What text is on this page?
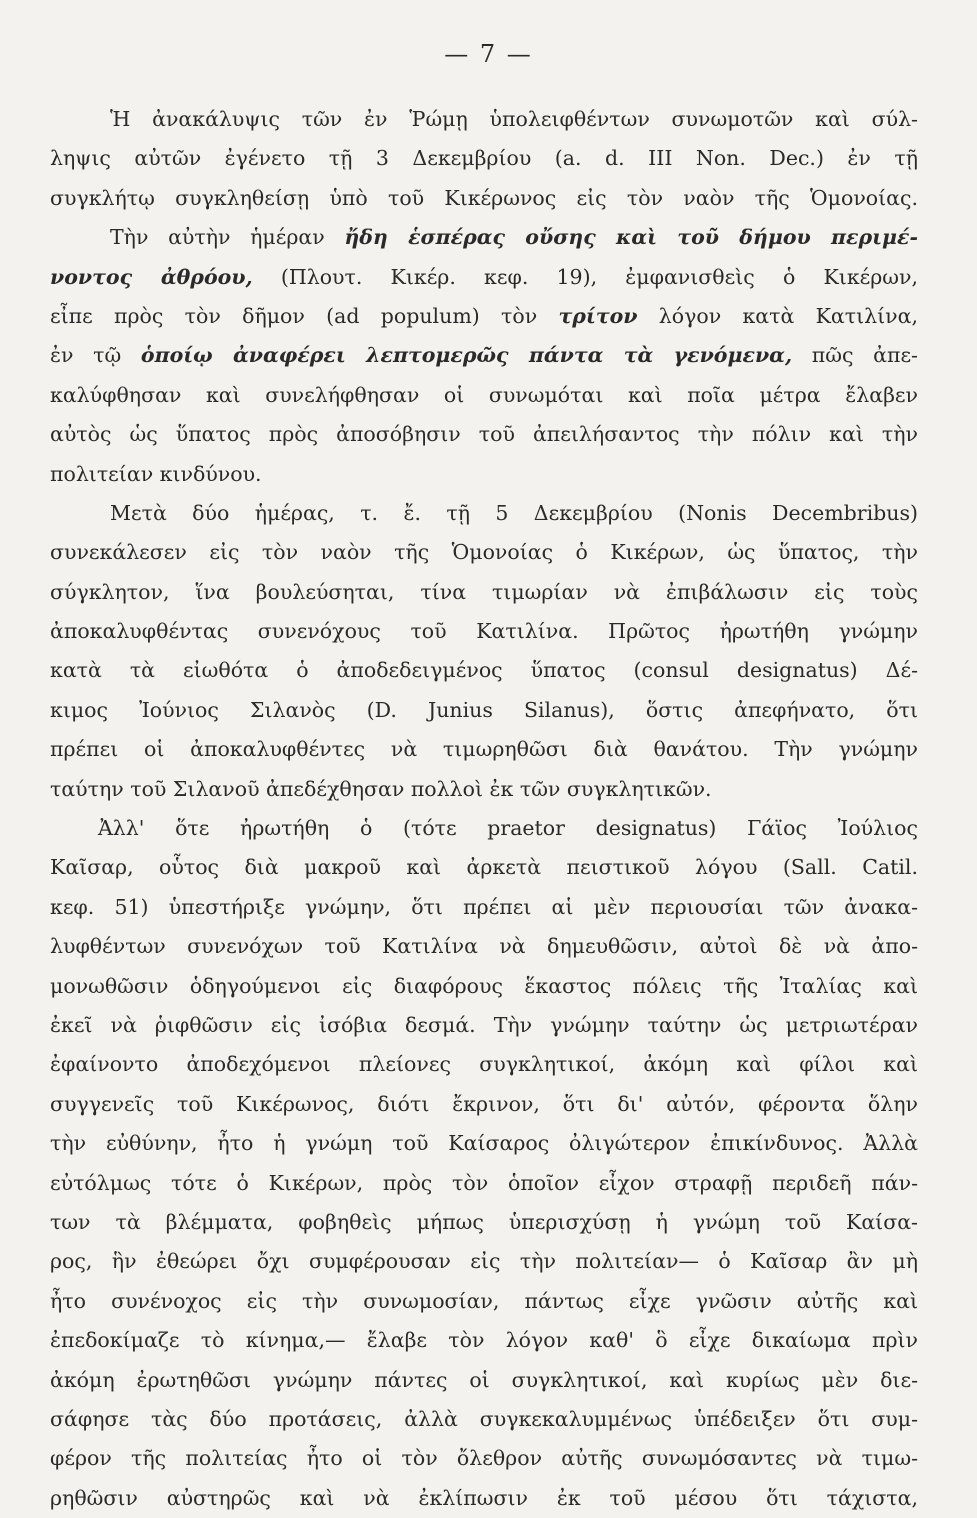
— 7 —
Ἡ ἀνακάλυψις τῶν ἐν Ῥώμῃ ὑπολειφθέντων συνωμοτῶν καὶ σύλ-
ληψις αὐτῶν ἐγένετο τῇ 3 Δεκεμβρίου (a. d. III Non. Dec.) ἐν τῇ
συγκλήτῳ συγκληθείσῃ ὑπὸ τοῦ Κικέρωνος εἰς τὸν ναὸν τῆς Ὁμονοίας.
Τὴν αὐτὴν ἡμέραν ἤδη ἑσπέρας οὔσης καὶ τοῦ δήμου περιμέ-
νοντος ἀθρόου, (Πλουτ. Κικέρ. κεφ. 19), ἐμφανισθεὶς ὁ Κικέρων,
εἶπε πρὸς τὸν δῆμον (ad populum) τὸν τρίτον λόγον κατὰ Κατιλίνα,
ἐν τῷ ὁποίῳ ἀναφέρει λεπτομερῶς πάντα τὰ γενόμενα, πῶς ἀπε-
καλύφθησαν καὶ συνελήφθησαν οἱ συνωμόται καὶ ποῖα μέτρα ἔλαβεν
αὐτὸς ὡς ὕπατος πρὸς ἀποσόβησιν τοῦ ἀπειλήσαντος τὴν πόλιν καὶ τὴν
πολιτείαν κινδύνου.
Μετὰ δύο ἡμέρας, τ. ἔ. τῇ 5 Δεκεμβρίου (Nonis Decembribus)
συνεκάλεσεν εἰς τὸν ναὸν τῆς Ὁμονοίας ὁ Κικέρων, ὡς ὕπατος, τὴν
σύγκλητον, ἵνα βουλεύσηται, τίνα τιμωρίαν νὰ ἐπιβάλωσιν εἰς τοὺς
ἀποκαλυφθέντας συνενόχους τοῦ Κατιλίνα. Πρῶτος ἠρωτήθη γνώμην
κατὰ τὰ εἰωθότα ὁ ἀποδεδειγμένος ὕπατος (consul designatus) Δέ-
κιμος Ἰούνιος Σιλανὸς (D. Junius Silanus), ὅστις ἀπεφήνατο, ὅτι
πρέπει οἱ ἀποκαλυφθέντες νὰ τιμωρηθῶσι διὰ θανάτου. Τὴν γνώμην
ταύτην τοῦ Σιλανοῦ ἀπεδέχθησαν πολλοὶ ἐκ τῶν συγκλητικῶν.
Ἀλλ' ὅτε ἠρωτήθη ὁ (τότε praetor designatus) Γάϊος Ἰούλιος
Καῖσαρ, οὗτος διὰ μακροῦ καὶ ἀρκετὰ πειστικοῦ λόγου (Sall. Catil.
κεφ. 51) ὑπεστήριξε γνώμην, ὅτι πρέπει αἱ μὲν περιουσίαι τῶν ἀνακα-
λυφθέντων συνενόχων τοῦ Κατιλίνα νὰ δημευθῶσιν, αὐτοὶ δὲ νὰ ἀπο-
μονωθῶσιν ὁδηγούμενοι εἰς διαφόρους ἕκαστος πόλεις τῆς Ἰταλίας καὶ
ἐκεῖ νὰ ῥιφθῶσιν εἰς ἰσόβια δεσμά. Τὴν γνώμην ταύτην ὡς μετριωτέραν
ἐφαίνοντο ἀποδεχόμενοι πλείονες συγκλητικοί, ἀκόμη καὶ φίλοι καὶ
συγγενεῖς τοῦ Κικέρωνος, διότι ἔκρινον, ὅτι δι' αὐτόν, φέροντα ὅλην
τὴν εὐθύνην, ἦτο ἡ γνώμη τοῦ Καίσαρος ὀλιγώτερον ἐπικίνδυνος. Ἀλλὰ
εὐτόλμως τότε ὁ Κικέρων, πρὸς τὸν ὁποῖον εἶχον στραφῇ περιδεῆ πάν-
των τὰ βλέμματα, φοβηθεὶς μήπως ὑπερισχύσῃ ἡ γνώμη τοῦ Καίσα-
ρος, ἣν ἐθεώρει ὄχι συμφέρουσαν εἰς τὴν πολιτείαν— ὁ Καῖσαρ ἂν μὴ
ἦτο συνένοχος εἰς τὴν συνωμοσίαν, πάντως εἶχε γνῶσιν αὐτῆς καὶ
ἐπεδοκίμαζε τὸ κίνημα,— ἔλαβε τὸν λόγον καθ' ὃ εἶχε δικαίωμα πρὶν
ἀκόμη ἐρωτηθῶσι γνώμην πάντες οἱ συγκλητικοί, καὶ κυρίως μὲν διε-
σάφησε τὰς δύο προτάσεις, ἀλλὰ συγκεκαλυμμένως ὑπέδειξεν ὅτι συμ-
φέρον τῆς πολιτείας ἦτο οἱ τὸν ὄλεθρον αὐτῆς συνωμόσαντες νὰ τιμω-
ρηθῶσιν αὐστηρῶς καὶ νὰ ἐκλίπωσιν ἐκ τοῦ μέσου ὅτι τάχιστα,
